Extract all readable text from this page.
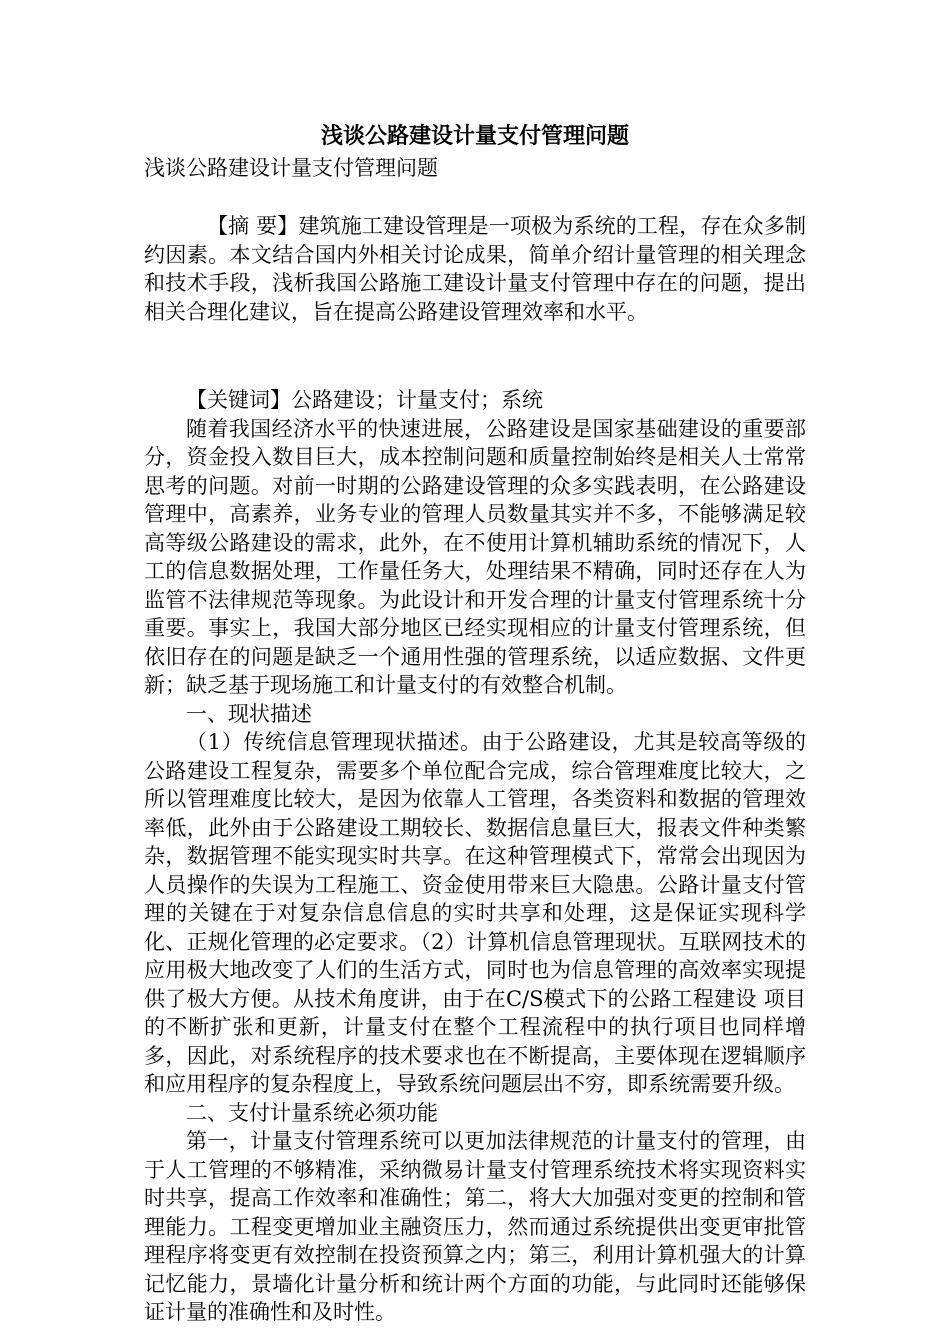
浅谈公路建设计量支付管理问题

浅谈公路建设计量支付管理问题

【摘 要】建筑施工建设管理是一项极为系统的工程，存在众多制约因素。本文结合国内外相关讨论成果，简单介绍计量管理的相关理念和技术手段，浅析我国公路施工建设计量支付管理中存在的问题，提出相关合理化建议，旨在提高公路建设管理效率和水平。

【关键词】公路建设；计量支付；系统

随着我国经济水平的快速进展，公路建设是国家基础建设的重要部分，资金投入数目巨大，成本控制问题和质量控制始终是相关人士常常思考的问题。对前一时期的公路建设管理的众多实践表明，在公路建设管理中，高素养，业务专业的管理人员数量其实并不多，不能够满足较高等级公路建设的需求，此外，在不使用计算机辅助系统的情况下，人工的信息数据处理，工作量任务大，处理结果不精确，同时还存在人为监管不法律规范等现象。为此设计和开发合理的计量支付管理系统十分重要。事实上，我国大部分地区已经实现相应的计量支付管理系统，但依旧存在的问题是缺乏一个通用性强的管理系统，以适应数据、文件更新；缺乏基于现场施工和计量支付的有效整合机制。

一、现状描述

（1）传统信息管理现状描述。由于公路建设，尤其是较高等级的公路建设工程复杂，需要多个单位配合完成，综合管理难度比较大，之所以管理难度比较大，是因为依靠人工管理，各类资料和数据的管理效率低，此外由于公路建设工期较长、数据信息量巨大，报表文件种类繁杂，数据管理不能实现实时共享。在这种管理模式下，常常会出现因为人员操作的失误为工程施工、资金使用带来巨大隐患。公路计量支付管理的关键在于对复杂信息信息的实时共享和处理，这是保证实现科学化、正规化管理的必定要求。（2）计算机信息管理现状。互联网技术的应用极大地改变了人们的生活方式，同时也为信息管理的高效率实现提供了极大方便。从技术角度讲，由于在C/S模式下的公路工程建设 项目的不断扩张和更新，计量支付在整个工程流程中的执行项目也同样增多，因此，对系统程序的技术要求也在不断提高，主要体现在逻辑顺序和应用程序的复杂程度上，导致系统问题层出不穷，即系统需要升级。

二、支付计量系统必须功能

第一，计量支付管理系统可以更加法律规范的计量支付的管理，由于人工管理的不够精准，采纳微易计量支付管理系统技术将实现资料实时共享，提高工作效率和准确性；第二，将大大加强对变更的控制和管理能力。工程变更增加业主融资压力，然而通过系统提供出变更审批管理程序将变更有效控制在投资预算之内；第三，利用计算机强大的计算记忆能力，景墙化计量分析和统计两个方面的功能，与此同时还能够保证计量的准确性和及时性。
